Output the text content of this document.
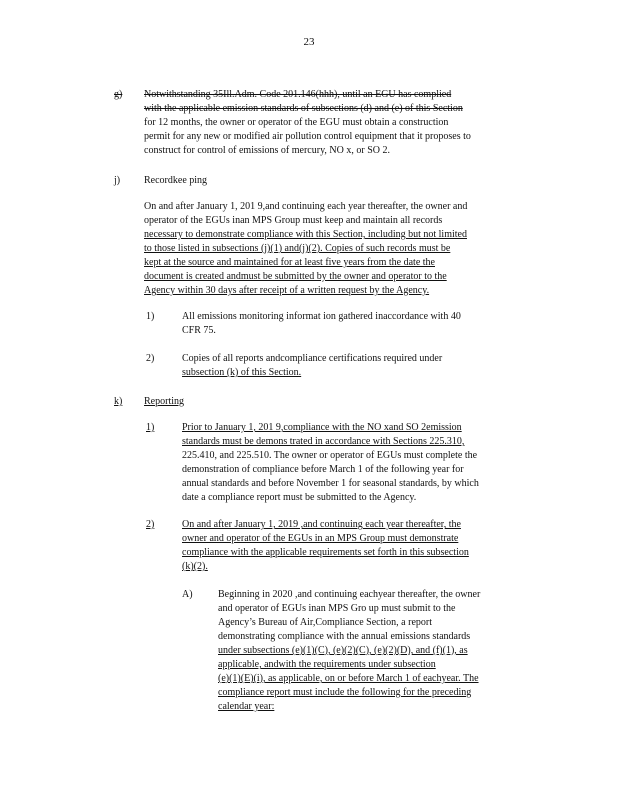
23
g) Notwithstanding 35Ill.Adm. Code 201.146(hhh), until an EGU has complied
with the applicable emission standards of subsections (d) and (e) of this Section
for 12 months, the owner or operator of the EGU must obtain a construction
permit for any new or modified air pollution control equipment that it proposes to
construct for control of emissions of mercury, NO x, or SO 2.
j) Recordkee ping
On and after January 1, 201 9,and continuing each year thereafter, the owner and
operator of the EGUs inan MPS Group must keep and maintain all records
necessary to demonstrate compliance with this Section, including but not limited
to those listed in subsections (j)(1) and(j)(2). Copies of such records must be
kept at the source and maintained for at least five years from the date the
document is created andmust be submitted by the owner and operator to the
Agency within 30 days after receipt of a written request by the Agency.
1)	All emissions monitoring informat ion gathered inaccordance with 40
CFR 75.
2)	Copies of all reports andcompliance certifications required under
subsection (k) of this Section.
k) Reporting
1)	Prior to January 1, 201 9,compliance with the NO xand SO 2emission
standards must be demons trated in accordance with Sections 225.310,
225.410, and 225.510. The owner or operator of EGUs must complete the
demonstration of compliance before March 1 of the following year for
annual standards and before November 1 for seasonal standards, by which
date a compliance report must be submitted to the Agency.
2)	On and after January 1, 2019 ,and continuing each year thereafter, the
owner and operator of the EGUs in an MPS Group must demonstrate
compliance with the applicable requirements set forth in this subsection
(k)(2).
A)	Beginning in 2020 ,and continuing eachyear thereafter, the owner
and operator of EGUs inan MPS Gro up must submit to the
Agency’s Bureau of Air,Compliance Section, a report
demonstrating compliance with the annual emissions standards
under subsections (e)(1)(C), (e)(2)(C), (e)(2)(D), and (f)(1), as
applicable, andwith the requirements under subsection
(e)(1)(E)(i), as applicable, on or before March 1 of eachyear. The
compliance report must include the following for the preceding
calendar year:
